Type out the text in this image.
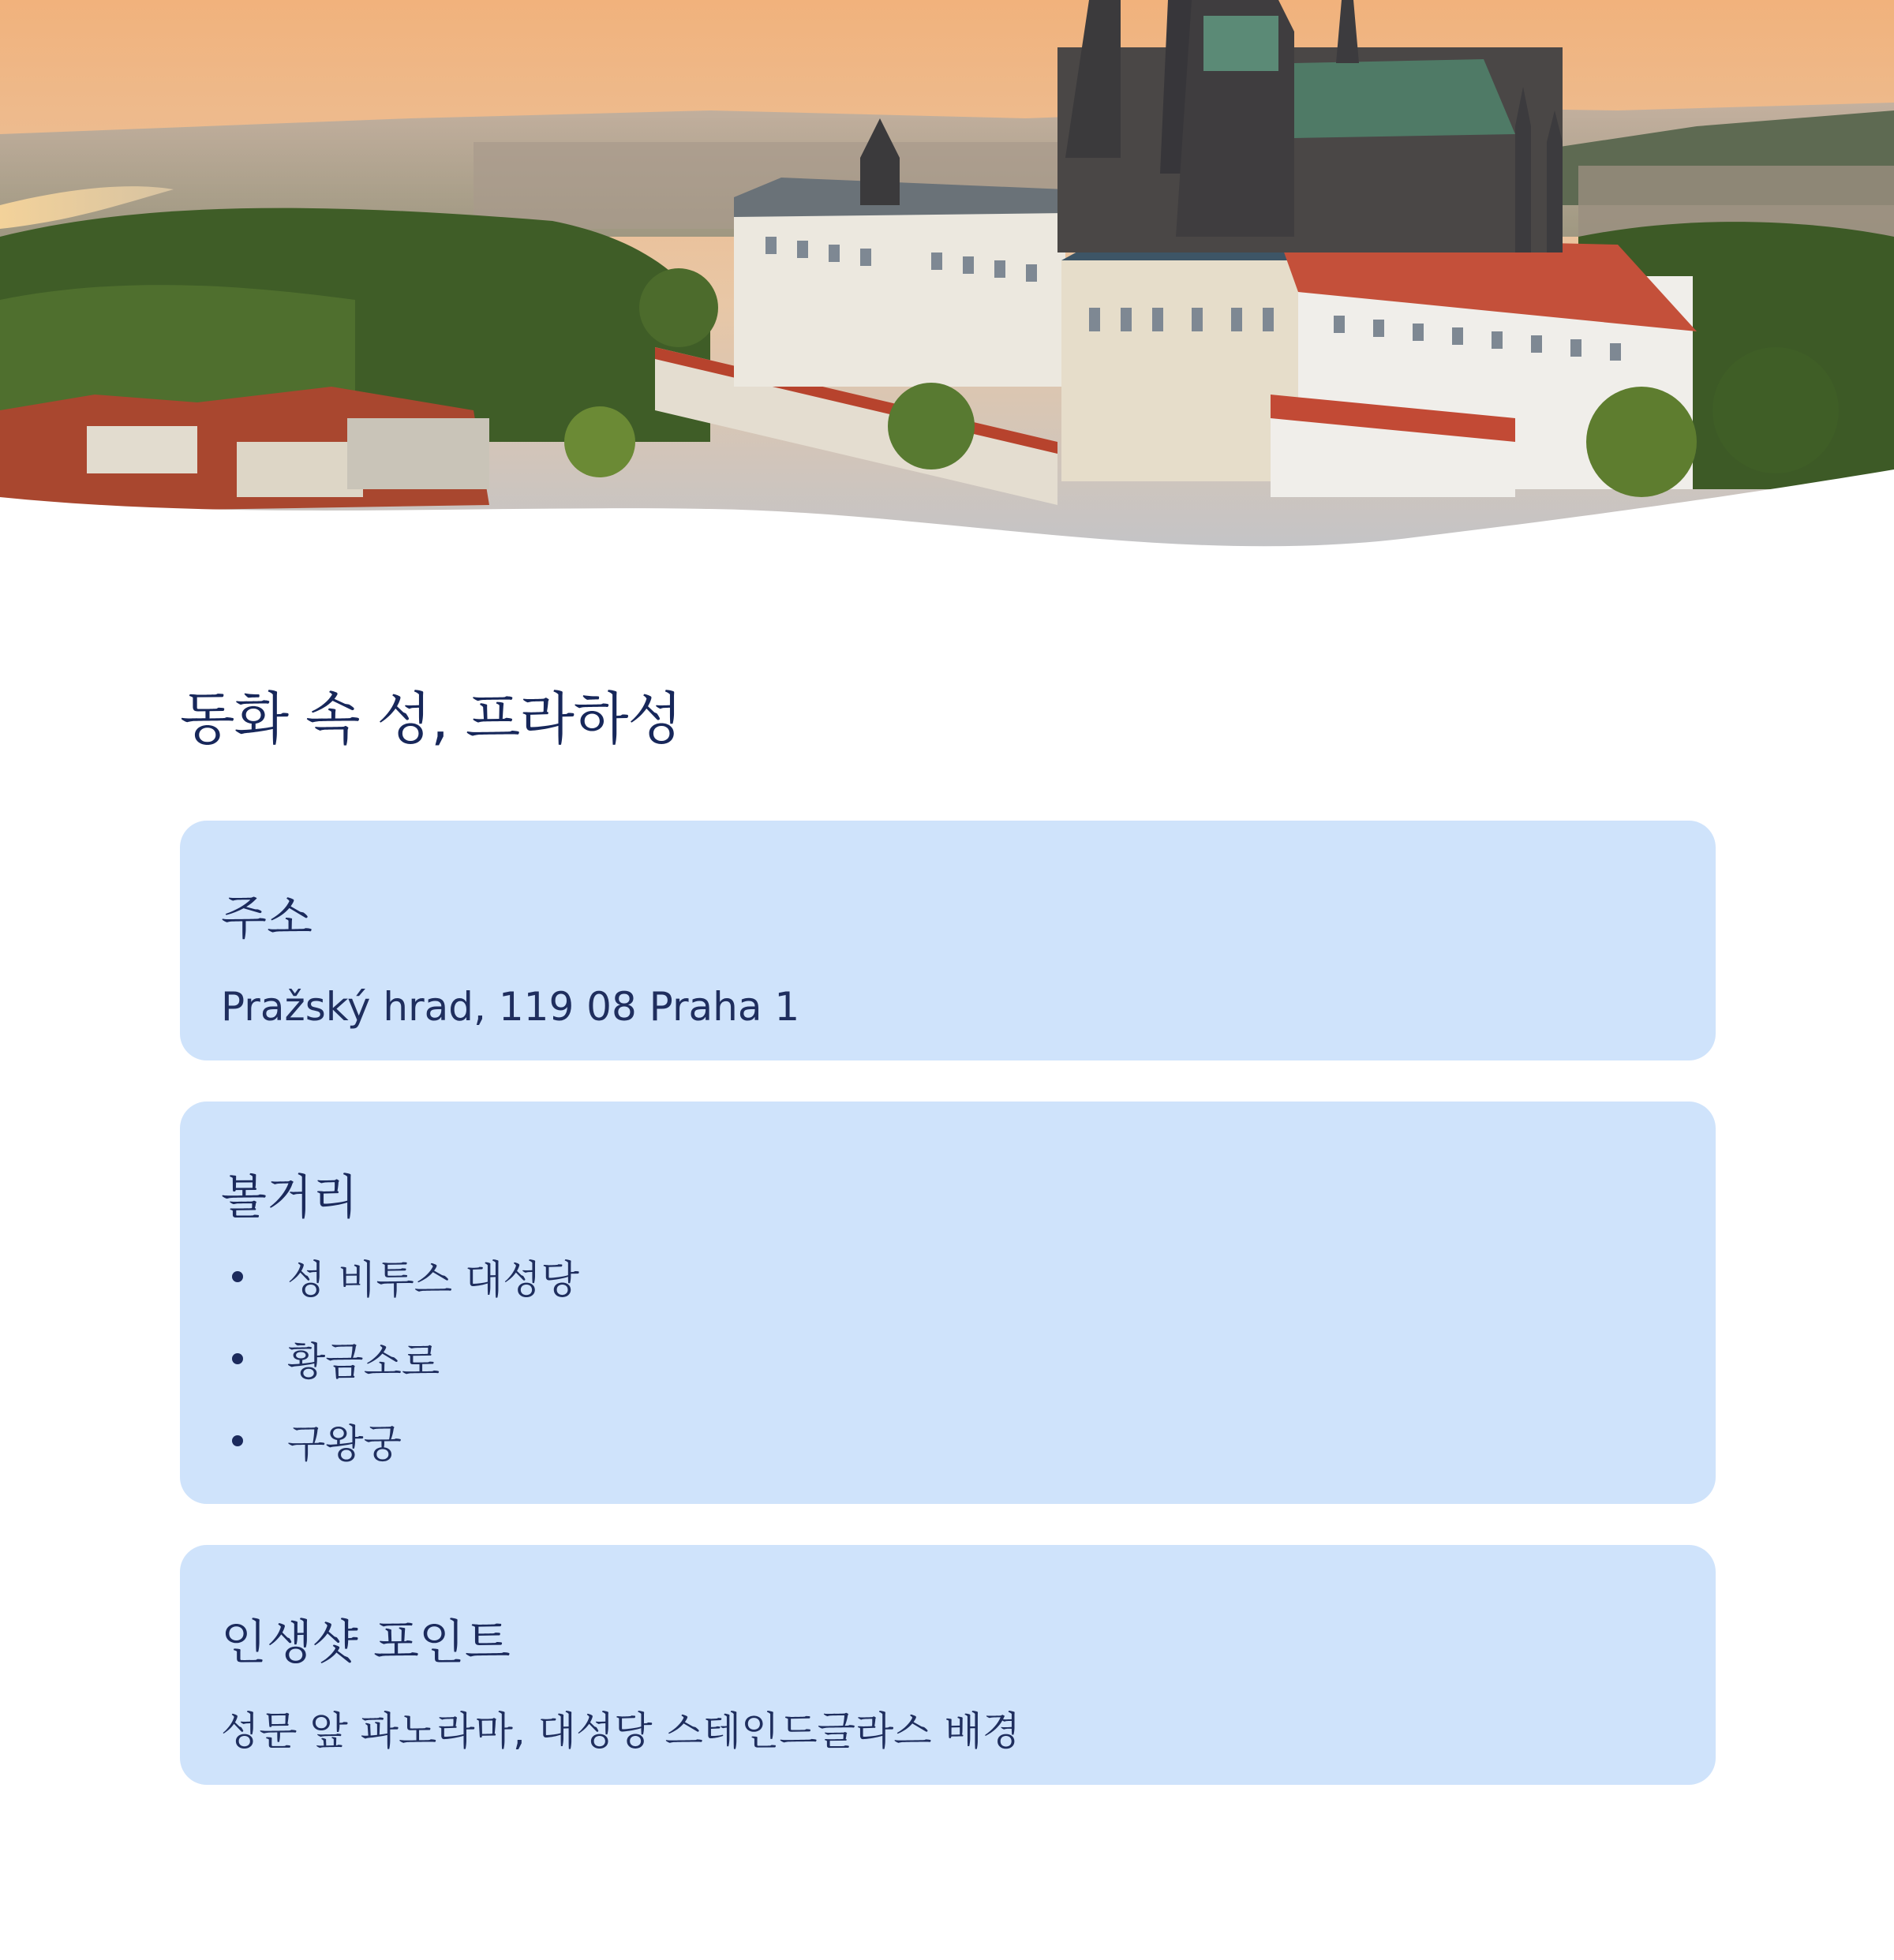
동화 속 성, 프라하성
주소

Pražský hrad, 119 08 Praha 1

볼거리
성 비투스 대성당
황금소로
구왕궁
인생샷 포인트

성문 앞 파노라마, 대성당 스테인드글라스 배경
